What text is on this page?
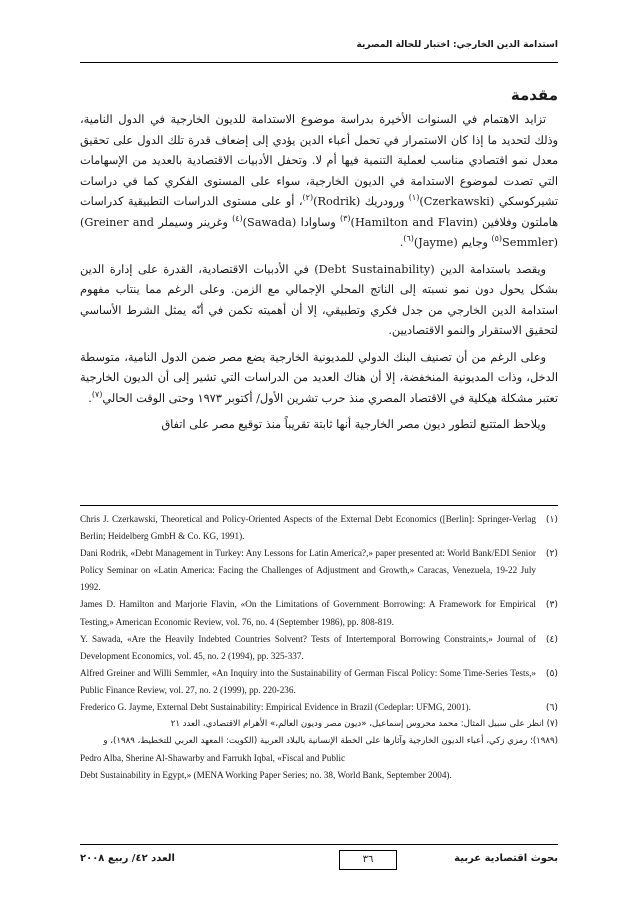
استدامة الدين الخارجي: اختبار للحالة المصرية
مقدمة

تزايد الاهتمام في السنوات الأخيرة بدراسة موضوع الاستدامة للديون الخارجية في الدول النامية، وذلك لتحديد ما إذا كان الاستمرار في تحمل أعباء الدين يؤدي إلى إضعاف قدرة تلك الدول على تحقيق معدل نمو اقتصادي مناسب لعملية التنمية فيها أم لا. وتحفل الأدبيات الاقتصادية بالعديد من الإسهامات التي تصدت لموضوع الاستدامة في الديون الخارجية، سواء على المستوى الفكري كما في دراسات تشيركوسكي (Czerkawski)$^{(١)}$ ورودريك (Rodrik)$^{(٢)}$، أو على مستوى الدراسات التطبيقية كدراسات هاملتون وفلافين (Hamilton and Flavin)$^{(٣)}$ وساوادا (Sawada)$^{(٤)}$ وغرينر وسيملر (Greiner and Semmler)$^{(٥)}$ وجايم (Jayme)$^{(٦)}$.

ويقصد باستدامة الدين (Debt Sustainability) في الأدبيات الاقتصادية، القدرة على إدارة الدين بشكل يحول دون نمو نسبته إلى الناتج المحلي الإجمالي مع الزمن. وعلى الرغم مما ينتاب مفهوم استدامة الدين الخارجي من جدل فكري وتطبيقي، إلا أن أهميته تكمن في أنّه يمثل الشرط الأساسي لتحقيق الاستقرار والنمو الاقتصاديين.

وعلى الرغم من أن تصنيف البنك الدولي للمديونية الخارجية يضع مصر ضمن الدول النامية، متوسطة الدخل، وذات المديونية المنخفضة، إلا أن هناك العديد من الدراسات التي تشير إلى أن الديون الخارجية تعتبر مشكلة هيكلية في الاقتصاد المصري منذ حرب تشرين الأول/ أكتوبر ١٩٧٣ وحتى الوقت الحالي$^{(٧)}$.

ويلاحظ المتتبع لتطور ديون مصر الخارجية أنها ثابتة تقريباً منذ توقيع مصر على اتفاق

(١)
Chris J. Czerkawski, Theoretical and Policy-Oriented Aspects of the External Debt Economics ([Berlin]: Springer-Verlag Berlin; Heidelberg GmbH & Co. KG, 1991).
(٢)
Dani Rodrik, «Debt Management in Turkey: Any Lessons for Latin America?,» paper presented at: World Bank/EDI Senior Policy Seminar on «Latin America: Facing the Challenges of Adjustment and Growth,» Caracas, Venezuela, 19-22 July 1992.
(٣)
James D. Hamilton and Marjorie Flavin, «On the Limitations of Government Borrowing: A Framework for Empirical Testing,» American Economic Review, vol. 76, no. 4 (September 1986), pp. 808-819.
(٤)
Y. Sawada, «Are the Heavily Indebted Countries Solvent? Tests of Intertemporal Borrowing Constraints,» Journal of Development Economics, vol. 45, no. 2 (1994), pp. 325-337.
(٥)
Alfred Greiner and Willi Semmler, «An Inquiry into the Sustainability of German Fiscal Policy: Some Time-Series Tests,» Public Finance Review, vol. 27, no. 2 (1999), pp. 220-236.
(٦)
Frederico G. Jayme, External Debt Sustainability: Empirical Evidence in Brazil (Cedeplar: UFMG, 2001).
(٧) انظر على سبيل المثال: محمد محروس إسماعيل، «ديون مصر وديون العالم،» الأهرام الاقتصادي، العدد ٢١
(١٩٨٩)؛ رمزي زكي، أعباء الديون الخارجية وآثارها على الخطة الإنسانية بالبلاد العربية (الكويت: المعهد العربي للتخطيط، ١٩٨٩)، و
Pedro Alba, Sherine Al-Shawarby and Farrukh Iqbal, «Fiscal and Public
Debt Sustainability in Egypt,» (MENA Working Paper Series; no. 38, World Bank, September 2004).
بحوث اقتصادية عربية
٣٦
العدد ٤٢/ ربيع ٢٠٠٨
